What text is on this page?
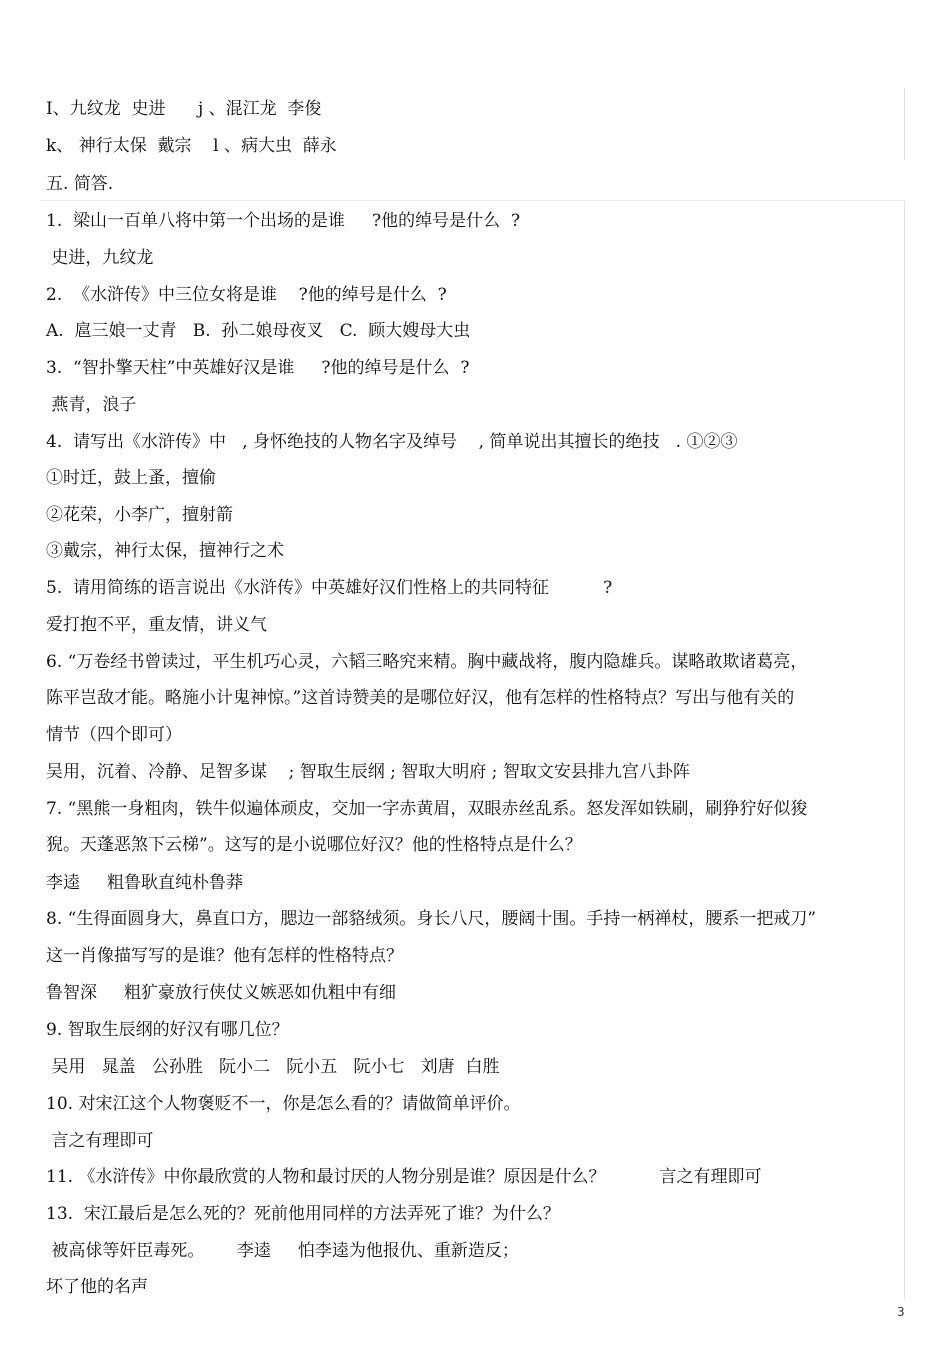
I、九纹龙  史进      j 、混江龙  李俊
k、 神行太保  戴宗    l 、病大虫  薛永
五. 简答.
1.  梁山一百单八将中第一个出场的是谁     ?他的绰号是什么  ?
史进，九纹龙
2.  《水浒传》中三位女将是谁    ?他的绰号是什么  ?
A.  扈三娘一丈青   B.  孙二娘母夜叉   C.  顾大嫂母大虫
3.  “智扑擎天柱”中英雄好汉是谁     ?他的绰号是什么  ?
燕青，浪子
4.  请写出《水浒传》中   , 身怀绝技的人物名字及绰号    , 简单说出其擅长的绝技   . ①②③
①时迁，鼓上蚤，擅偷
②花荣，小李广，擅射箭
③戴宗，神行太保，擅神行之术
5.  请用简练的语言说出《水浒传》中英雄好汉们性格上的共同特征          ?
爱打抱不平，重友情，讲义气
6. “万卷经书曾读过，平生机巧心灵，六韬三略究来精。胸中藏战将，腹内隐雄兵。谋略敢欺诸葛亮，
陈平岂敌才能。略施小计鬼神惊。”这首诗赞美的是哪位好汉，他有怎样的性格特点？写出与他有关的
情节（四个即可）
吴用，沉着、冷静、足智多谋    ; 智取生辰纲 ; 智取大明府 ; 智取文安县排九宫八卦阵
7. “黑熊一身粗肉，铁牛似遍体顽皮，交加一字赤黄眉，双眼赤丝乱系。怒发浑如铁刷，刷狰狞好似狻
猊。天蓬恶煞下云梯”。这写的是小说哪位好汉？他的性格特点是什么？
李逵     粗鲁耿直纯朴鲁莽
8. “生得面圆身大，鼻直口方，腮边一部貉绒须。身长八尺，腰阔十围。手持一柄禅杖，腰系一把戒刀”
这一肖像描写写的是谁？他有怎样的性格特点？
鲁智深     粗犷豪放行侠仗义嫉恶如仇粗中有细
9. 智取生辰纲的好汉有哪几位？
吴用   晁盖   公孙胜   阮小二   阮小五   阮小七   刘唐  白胜
10. 对宋江这个人物褒贬不一，你是怎么看的？请做简单评价。
言之有理即可
11. 《水浒传》中你最欣赏的人物和最讨厌的人物分别是谁？原因是什么？          言之有理即可
13.  宋江最后是怎么死的？死前他用同样的方法弄死了谁？为什么？
被高俅等奸臣毒死。      李逵     怕李逵为他报仇、重新造反；
坏了他的名声
3
